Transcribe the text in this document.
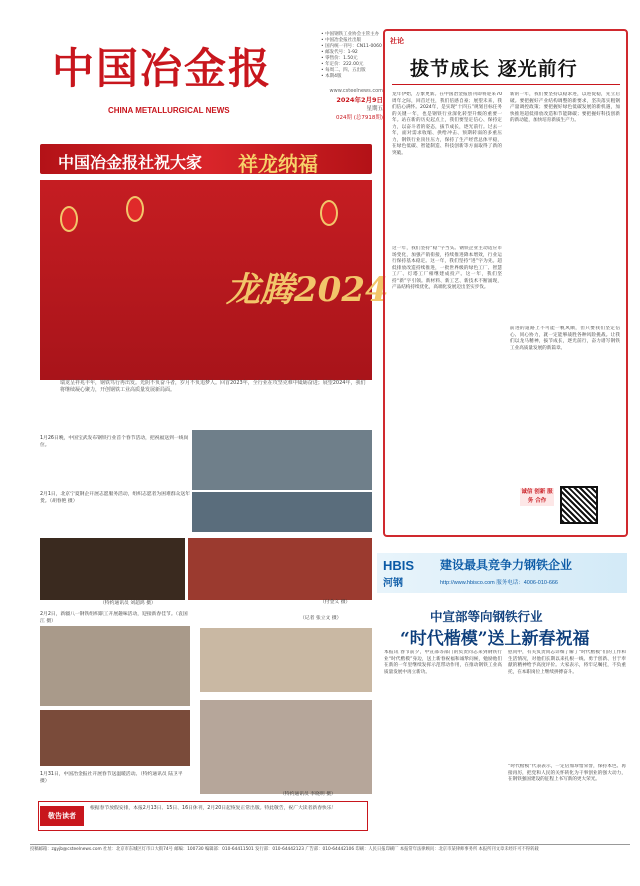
中国冶金报
CHINA METALLURGICAL NEWS
• 中国钢铁工业协会主管主办
• 中国冶金报社出版
• 国内统一刊号：CN11-0060
• 邮发代号：1-92
• 零售价：1.50元
• 年定价：222.00元
• 每周二、四、五出版
• 本期4版
www.csteelnews.com
2024年2月9日
星期五
024期 (总7918期)
中国冶金报社祝大家 祥龙纳福
龙腾2024
瑞龙呈祥兆丰年，钢铁笃行再出发。光阴不负奋斗者，岁月不负追梦人。回首2023年，全行业在攻坚克难中砥砺奋进；展望2024年，我们将继续凝心聚力，开创钢铁工业高质量发展新局面。
1月26日晚，中国宝武发布钢铁行业首个春节活动，把祝福送到一线岗位。
2月1日，北京宁夏钢企开展志愿服务活动，组织志愿者为困难群众送年货。（胡春艳 摄）
（特约通讯员 刘超鸿 摄）
2月2日，新疆八一钢铁组织职工开展趣味活动，迎接新春佳节。（袁国江 摄）
（记者 张立文 摄）
（付金义 摄）
1月31日，中国冶金报社开展春节送温暖活动。（特约通讯员 陆卫平 摄）
（特约通讯员 李晓明 摄）
社论
拔节成长 逐光前行
龙年伊始，万象更新。在中国冶金报创刊即将迎来70周年之际，回首过往，我们倍感自豪；展望未来，我们信心满怀。2024年，是实现“十四五”规划目标任务的关键一年，也是钢铁行业深化转型升级的重要一年。站在新的历史起点上，我们要坚定信心、保持定力，以奋斗者的姿态，拔节成长，逐光前行。过去一年，面对需求收缩、供给冲击、预期转弱的多重压力，钢铁行业顶住压力，保持了生产经营总体平稳，在绿色低碳、智能制造、科技创新等方面取得了新的突破。
这一年，我们坚持“稳”字当头。钢铁企业主动适应市场变化，加强产销衔接，持续推进降本增效，行业运行保持基本稳定。这一年，我们坚持“进”字为先。超低排放改造持续推进，一批世界级的绿色工厂、智慧工厂、灯塔工厂相继建成投产。这一年，我们坚持“新”字引领。新材料、新工艺、新技术不断涌现，产品结构持续优化，高端化发展迈出坚实步伐。
新的一年，我们要坚持以稳求进，以进促稳，先立后破。要把握好产业结构调整的新要求，坚决落实粗钢产量调控政策；要把握好绿色低碳发展的新机遇，加快推进超低排放改造和节能降碳；要把握好科技创新的新动能，加快培育新质生产力。
前进的道路上不可能一帆风顺，但只要我们坚定信心、同心协力，就一定能够战胜各种风险挑战。让我们以龙马精神，拔节成长，逐光前行，奋力谱写钢铁工业高质量发展的新篇章。
诚信 创新 服务 合作
HBIS
河钢
建设最具竞争力钢铁企业
http://www.hbisco.com 服务电话：4006-010-666
中宣部等向钢铁行业
“时代楷模”送上新春祝福
本报讯 春节前夕，中宣部等部门的负责同志来到钢铁行业“时代楷模”身边，送上新春祝福和诚挚问候，勉励他们在新的一年里继续发挥示范带动作用，在推动钢铁工业高质量发展中再立新功。
慰问中，有关负责同志详细了解了“时代楷模”们的工作和生活情况，对他们长期以来扎根一线、勇于创新、甘于奉献的精神给予高度评价。大家表示，将牢记嘱托，不负重托，在本职岗位上继续拼搏奋斗。
“时代楷模”代表表示，一定倍加珍惜荣誉，保持本色、再接再厉，把党和人民的关怀转化为干事创业的强大动力，在钢铁强国建设的征程上书写新的更大荣光。
敬告读者
根据春节放假安排，本报2月13日、15日、16日休刊，2月20日起恢复正常出版。特此敬告，祝广大读者新春快乐！
投稿邮箱：zgyjb@csteelnews.com 社址：北京市东城区灯市口大街74号 邮编：100730 编辑部：010-64411501 发行部：010-64442123 广告部：010-64442106 印刷：人民日报印刷厂 本报常年法律顾问：北京市某律师事务所 本报所刊文章未经许可不得转载
